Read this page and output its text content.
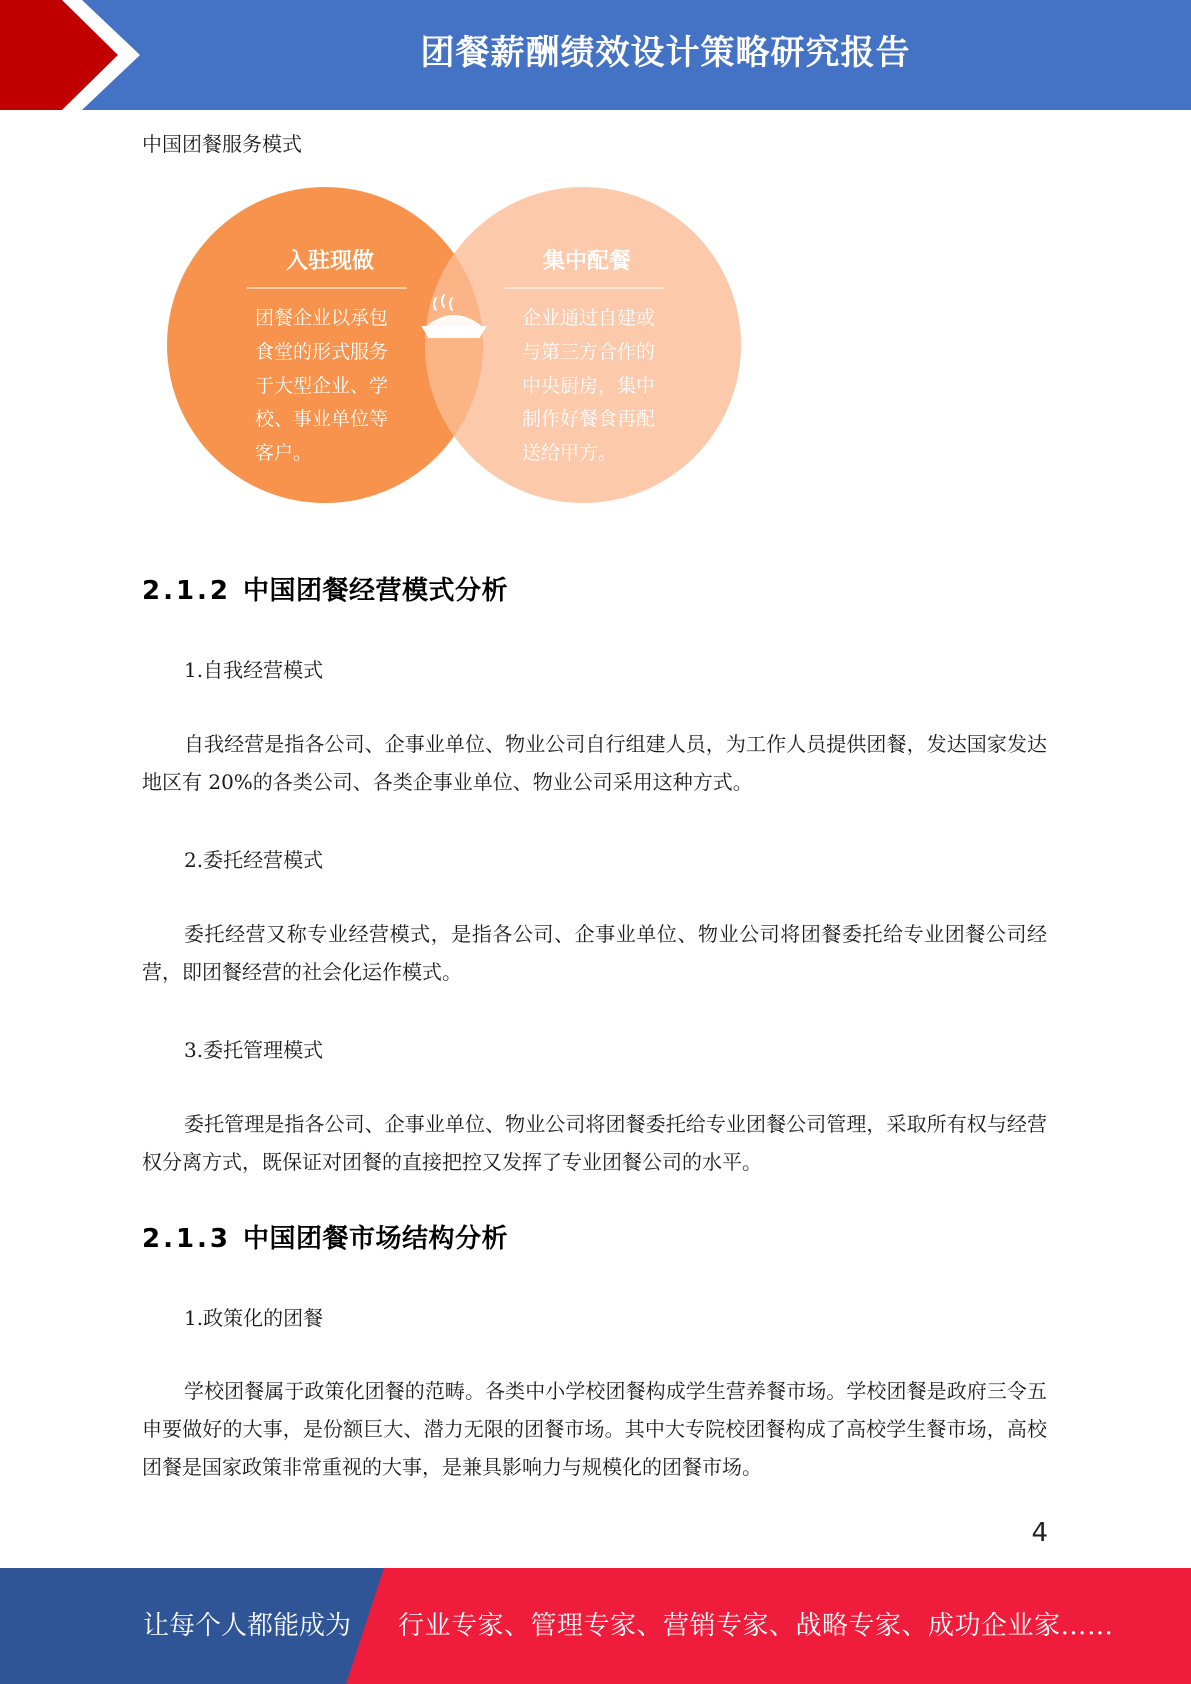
团餐薪酬绩效设计策略研究报告
中国团餐服务模式
入驻现做
团餐企业以承包
食堂的形式服务
于大型企业、学
校、事业单位等
客户。
集中配餐
企业通过自建或
与第三方合作的
中央厨房，集中
制作好餐食再配
送给甲方。
2.1.2 中国团餐经营模式分析
1.自我经营模式
自我经营是指各公司、企事业单位、物业公司自行组建人员，为工作人员提供团餐，发达国家发达地区有 20%的各类公司、各类企事业单位、物业公司采用这种方式。
2.委托经营模式
委托经营又称专业经营模式，是指各公司、企事业单位、物业公司将团餐委托给专业团餐公司经营，即团餐经营的社会化运作模式。
3.委托管理模式
委托管理是指各公司、企事业单位、物业公司将团餐委托给专业团餐公司管理，采取所有权与经营权分离方式，既保证对团餐的直接把控又发挥了专业团餐公司的水平。
2.1.3 中国团餐市场结构分析
1.政策化的团餐
学校团餐属于政策化团餐的范畴。各类中小学校团餐构成学生营养餐市场。学校团餐是政府三令五申要做好的大事，是份额巨大、潜力无限的团餐市场。其中大专院校团餐构成了高校学生餐市场，高校团餐是国家政策非常重视的大事，是兼具影响力与规模化的团餐市场。
4
让每个人都能成为 行业专家、管理专家、营销专家、战略专家、成功企业家……
